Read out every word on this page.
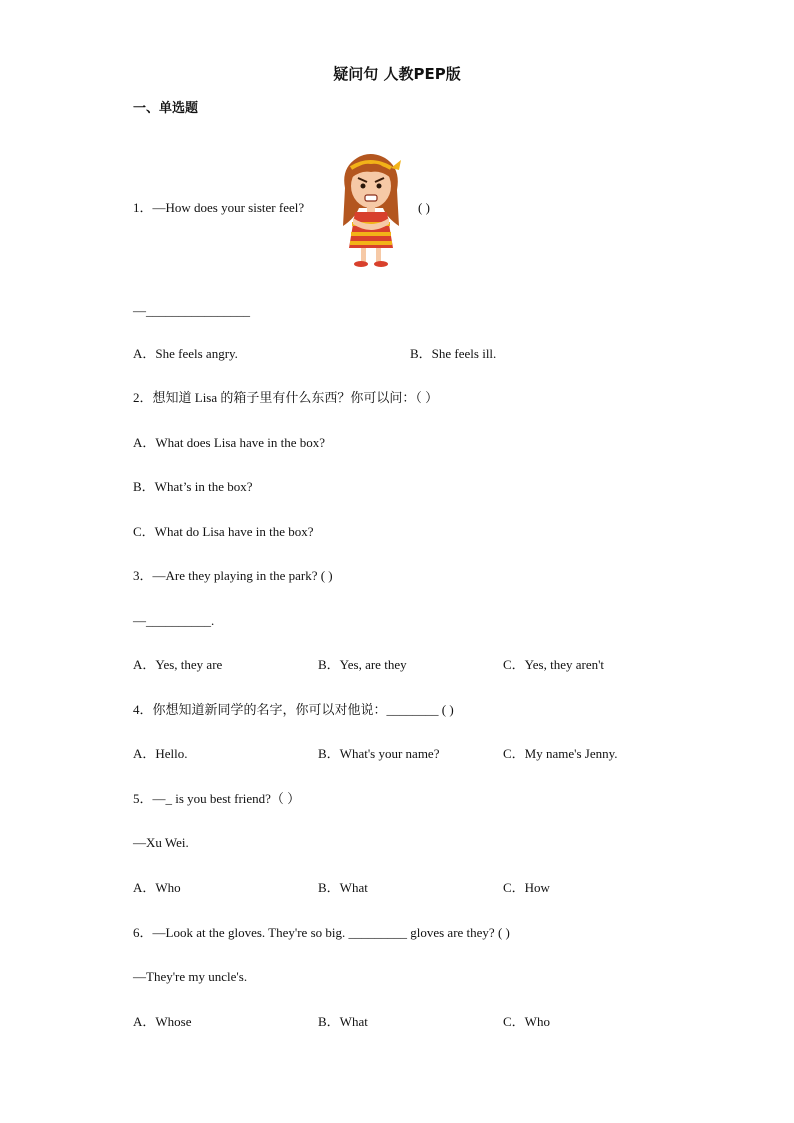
疑问句 人教PEP版
一、单选题
1．—How does your sister feel?	( )
—________________
A．She feels angry.	B．She feels ill.
2．想知道 Lisa 的箱子里有什么东西？你可以问：（ ）
A．What does Lisa have in the box?
B．What’s in the box?
C．What do Lisa have in the box?
3．—Are they playing in the park? ( )
—__________.
A．Yes, they are	B．Yes, are they	C．Yes, they aren't
4．你想知道新同学的名字，你可以对他说：________ ( )
A．Hello.	B．What's your name?	C．My name's Jenny.
5．—_ is you best friend?（ ）
—Xu Wei.
A．Who	B．What	C．How
6．—Look at the gloves. They're so big. _________ gloves are they? ( )
—They're my uncle's.
A．Whose	B．What	C．Who
